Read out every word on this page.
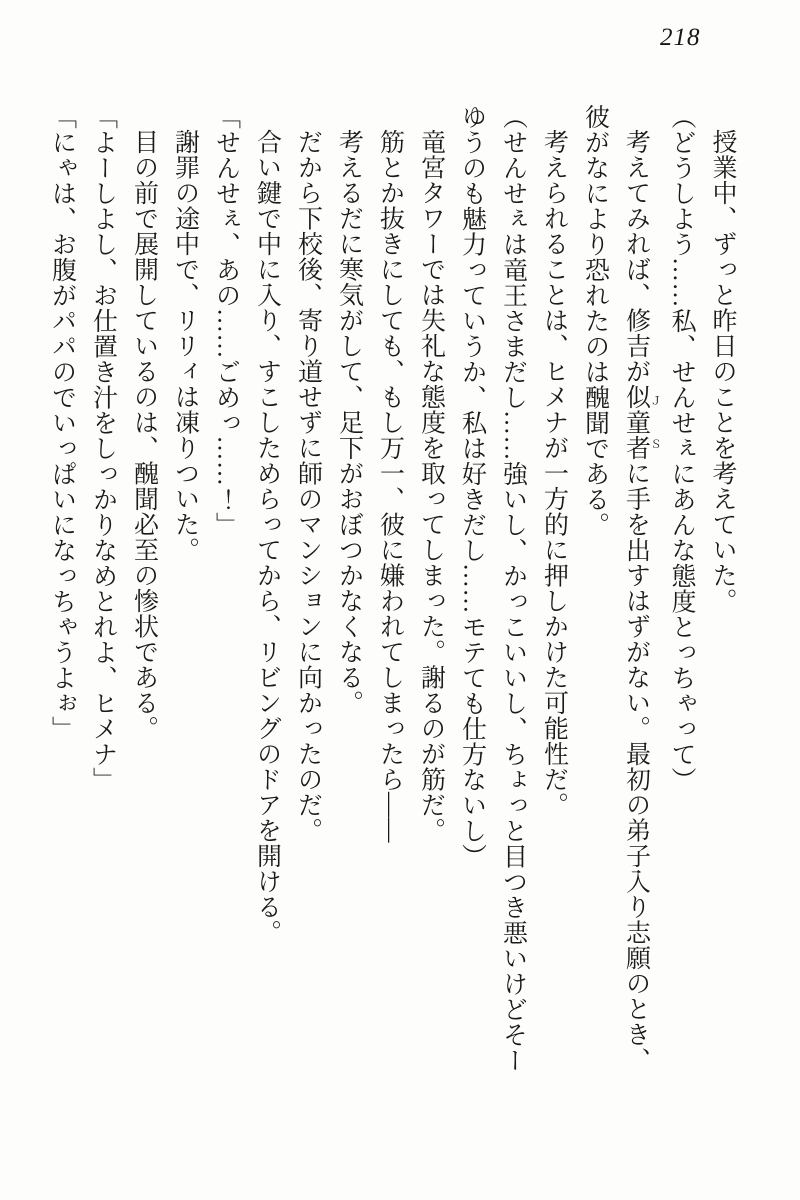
218

授業中、ずっと昨日のことを考えていた。

（どうしよう……私、せんせぇにあんな態度とっちゃって）

考えてみれば、修吉が似童者 ＪＳに手を出すはずがない。最初の弟子入り志願のとき、

彼がなにより恐れたのは醜聞である。

考えられることは、ヒメナが一方的に押しかけた可能性だ。

（せんせぇは竜王さまだし……強いし、かっこいいし、ちょっと目つき悪いけどそー

ゆうのも魅力っていうか、私は好きだし……モテても仕方ないし）

竜宮タワーでは失礼な態度を取ってしまった。謝るのが筋だ。

筋とか抜きにしても、もし万一、彼に嫌われてしまったら――

考えるだに寒気がして、足下がおぼつかなくなる。

だから下校後、寄り道せずに師のマンションに向かったのだ。

合い鍵で中に入り、すこしためらってから、リビングのドアを開ける。

「せんせぇ、あの……ごめっ……！」

謝罪の途中で、リリィは凍りついた。

目の前で展開しているのは、醜聞必至の惨状である。

「よーしよし、お仕置き汁をしっかりなめとれよ、ヒメナ」

「にゃは、お腹がパパのでいっぱいになっちゃうよぉ」
